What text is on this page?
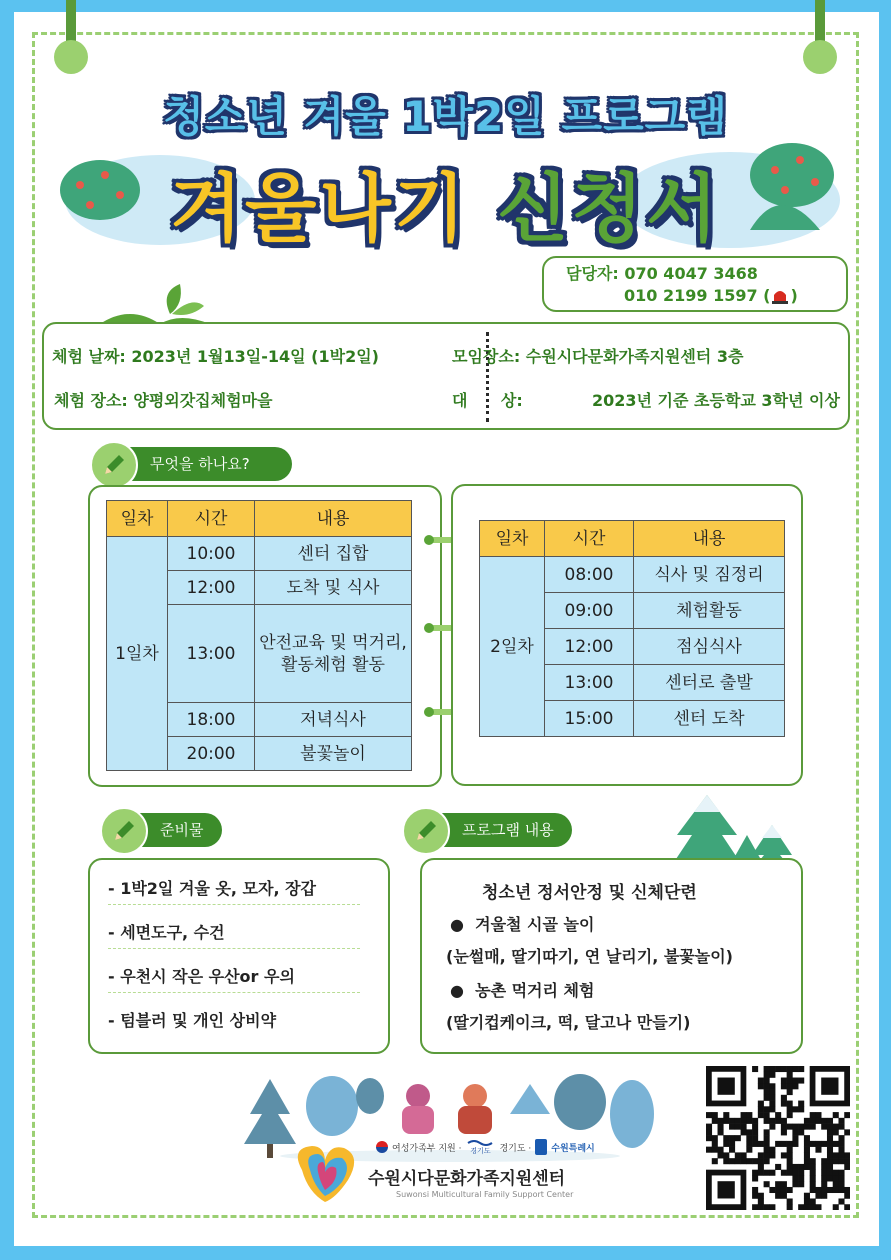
청소년 겨울 1박2일 프로그램
겨울나기 신청서
담당자: 070 4047 3468
010 2199 1597 ( )
체험 날짜: 2023년 1월13일-14일 (1박2일)
체험 장소: 양평외갓집체험마을
모임장소: 수원시다문화가족지원센터 3층
대      상:	2023년 기준 초등학교 3학년 이상
무엇을 하나요?
일차	시간	내용
1일차	10:00	센터 집합
	12:00	도착 및 식사
	13:00	안전교육 및 먹거리, 활동체험 활동
	18:00	저녁식사
	20:00	불꽃놀이
일차	시간	내용
2일차	08:00	식사 및 짐정리
	09:00	체험활동
	12:00	점심식사
	13:00	센터로 출발
	15:00	센터 도착
준비물	프로그램 내용
- 1박2일 겨울 옷, 모자, 장갑
- 세면도구, 수건
- 우천시 작은 우산or 우의
- 텀블러 및 개인 상비약
청소년 정서안정 및 신체단련
●  겨울철 시골 놀이
(눈썰매, 딸기따기, 연 날리기, 불꽃놀이)
●  농촌 먹거리 체험
(딸기컵케이크, 떡, 달고나 만들기)
여성가족부 지원 · 경기도 경기도 · 수원특례시
수원시다문화가족지원센터
Suwonsi Multicultural Family Support Center
